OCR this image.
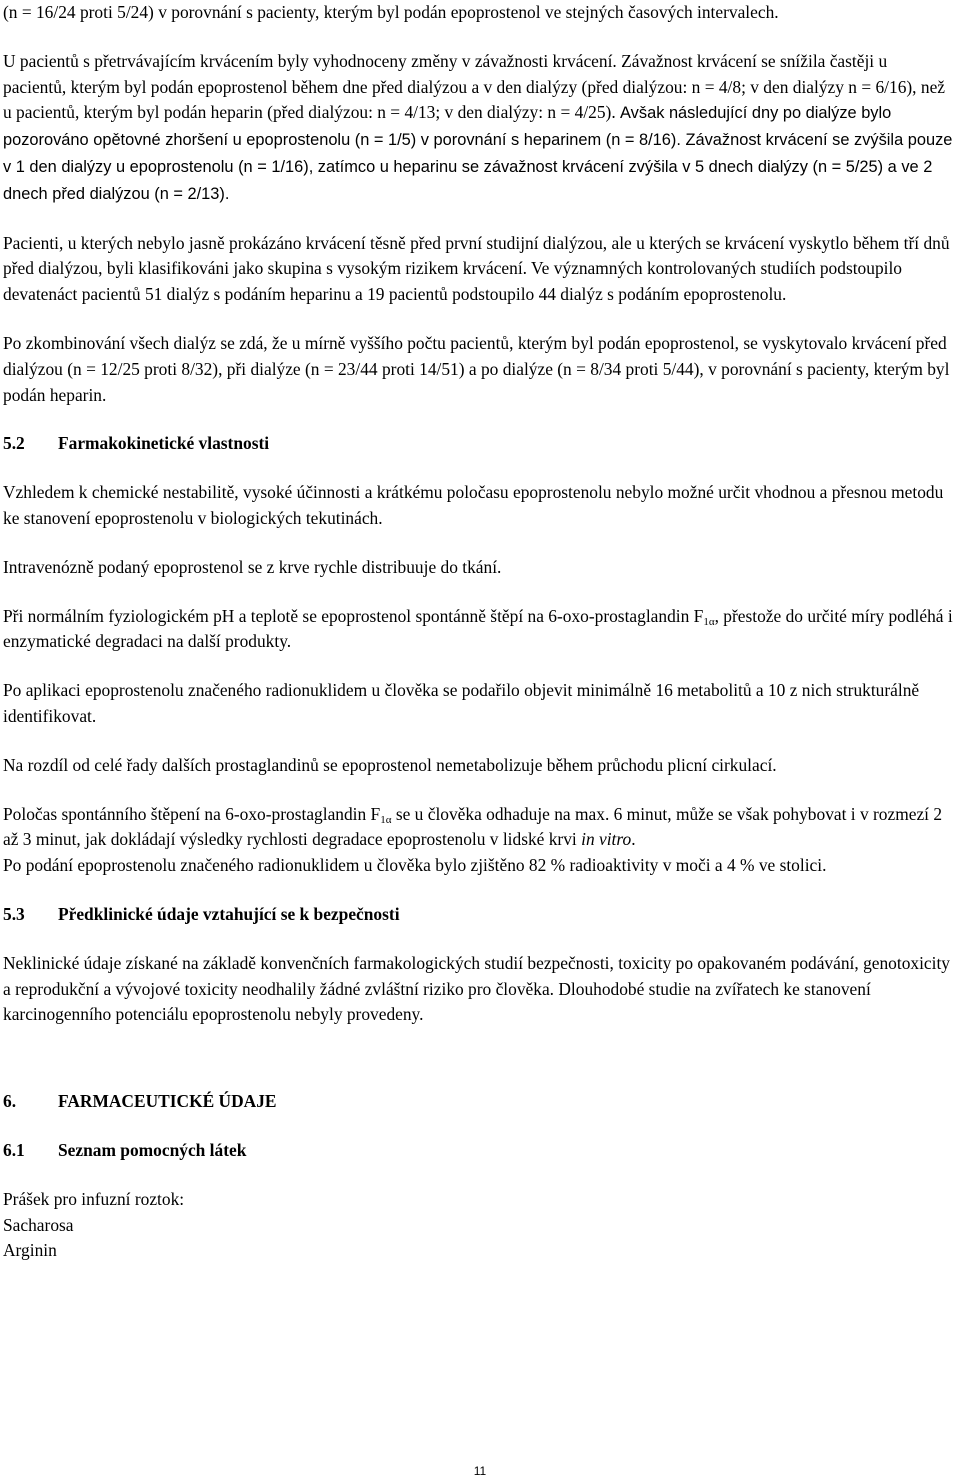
(n = 16/24 proti 5/24) v porovnání s pacienty, kterým byl podán epoprostenol ve stejných časových intervalech.

U pacientů s přetrvávajícím krvácením byly vyhodnoceny změny v závažnosti krvácení. Závažnost krvácení se snížila častěji u pacientů, kterým byl podán epoprostenol během dne před dialýzou a v den dialýzy (před dialýzou: n = 4/8; v den dialýzy n = 6/16), než u pacientů, kterým byl podán heparin (před dialýzou: n = 4/13; v den dialýzy: n = 4/25). Avšak následující dny po dialýze bylo pozorováno opětovné zhoršení u epoprostenolu (n = 1/5) v porovnání s heparinem (n = 8/16). Závažnost krvácení se zvýšila pouze v 1 den dialýzy u epoprostenolu (n = 1/16), zatímco u heparinu se závažnost krvácení zvýšila v 5 dnech dialýzy (n = 5/25) a ve 2 dnech před dialýzou (n = 2/13).

Pacienti, u kterých nebylo jasně prokázáno krvácení těsně před první studijní dialýzou, ale u kterých se krvácení vyskytlo během tří dnů před dialýzou, byli klasifikováni jako skupina s vysokým rizikem krvácení. Ve významných kontrolovaných studiích podstoupilo devatenáct pacientů 51 dialýz s podáním heparinu a 19 pacientů podstoupilo 44 dialýz s podáním epoprostenolu.

Po zkombinování všech dialýz se zdá, že u mírně vyššího počtu pacientů, kterým byl podán epoprostenol, se vyskytovalo krvácení před dialýzou (n = 12/25 proti 8/32), při dialýze (n = 23/44 proti 14/51) a po dialýze (n = 8/34 proti 5/44), v porovnání s pacienty, kterým byl podán heparin.

5.2 Farmakokinetické vlastnosti

Vzhledem k chemické nestabilitě, vysoké účinnosti a krátkému poločasu epoprostenolu nebylo možné určit vhodnou a přesnou metodu ke stanovení epoprostenolu v biologických tekutinách.

Intravenózně podaný epoprostenol se z krve rychle distribuuje do tkání.

Při normálním fyziologickém pH a teplotě se epoprostenol spontánně štěpí na 6-oxo-prostaglandin $F_{1\alpha}$, přestože do určité míry podléhá i enzymatické degradaci na další produkty.

Po aplikaci epoprostenolu značeného radionuklidem u člověka se podařilo objevit minimálně 16 metabolitů a 10 z nich strukturálně identifikovat.

Na rozdíl od celé řady dalších prostaglandinů se epoprostenol nemetabolizuje během průchodu plicní cirkulací.

Poločas spontánního štěpení na 6-oxo-prostaglandin $F_{1\alpha}$ se u člověka odhaduje na max. 6 minut, může se však pohybovat i v rozmezí 2 až 3 minut, jak dokládají výsledky rychlosti degradace epoprostenolu v lidské krvi in vitro.

Po podání epoprostenolu značeného radionuklidem u člověka bylo zjištěno 82 % radioaktivity v moči a 4 % ve stolici.

5.3 Předklinické údaje vztahující se k bezpečnosti

Neklinické údaje získané na základě konvenčních farmakologických studií bezpečnosti, toxicity po opakovaném podávání, genotoxicity a reprodukční a vývojové toxicity neodhalily žádné zvláštní riziko pro člověka. Dlouhodobé studie na zvířatech ke stanovení karcinogenního potenciálu epoprostenolu nebyly provedeny.

6. FARMACEUTICKÉ ÚDAJE
6.1 Seznam pomocných látek
Prášek pro infuzní roztok:
Sacharosa
Arginin
11
